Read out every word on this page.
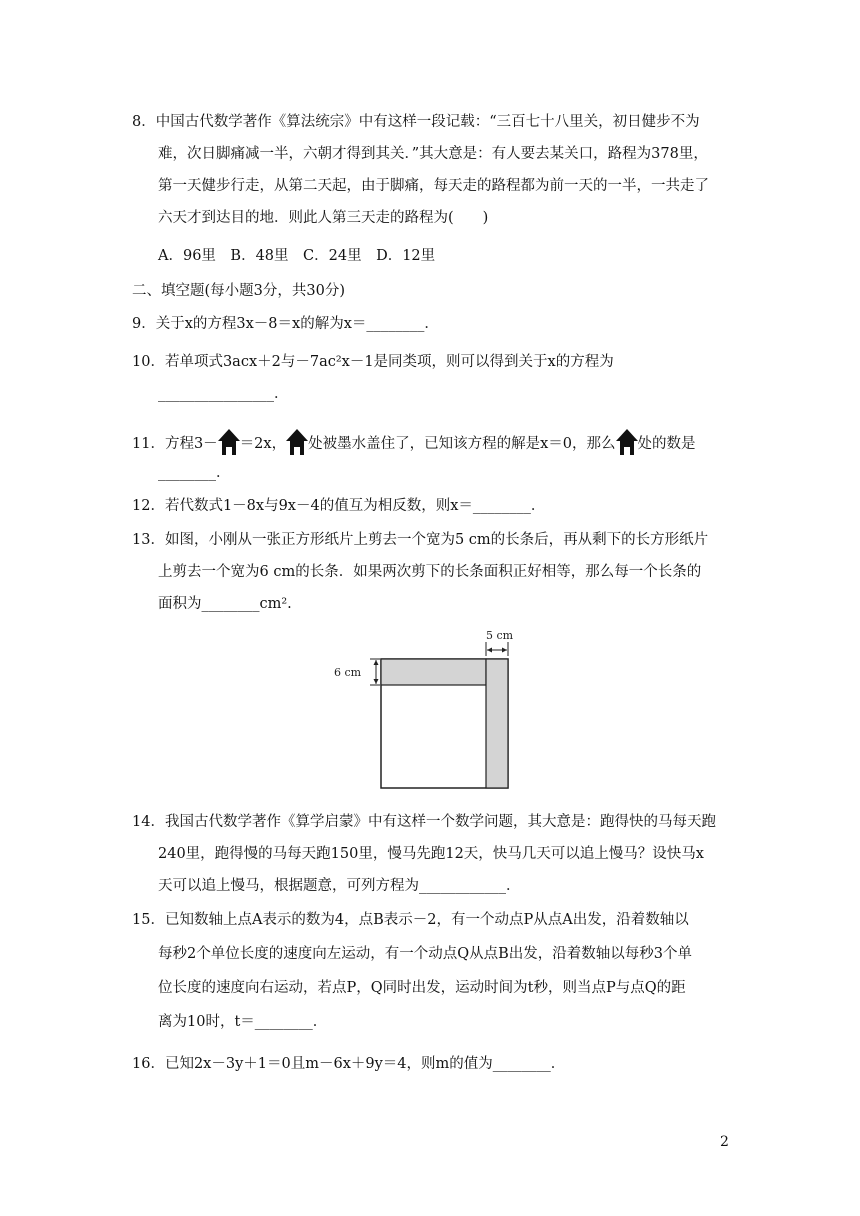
8．中国古代数学著作《算法统宗》中有这样一段记载：“三百七十八里关，初日健步不为
难，次日脚痛减一半，六朝才得到其关．”其大意是：有人要去某关口，路程为378里，
第一天健步行走，从第二天起，由于脚痛，每天走的路程都为前一天的一半，一共走了
六天才到达目的地．则此人第三天走的路程为(　　)
A．96里　B．48里　C．24里　D．12里
二、填空题(每小题3分，共30分)
9．关于x的方程3x－8＝x的解为x＝________．
10．若单项式3acx＋2与－7ac²x－1是同类项，则可以得到关于x的方程为
________________．
11．方程3－ ＝2x， 处被墨水盖住了，已知该方程的解是x＝0，那么 处的数是
________．
12．若代数式1－8x与9x－4的值互为相反数，则x＝________．
13．如图，小刚从一张正方形纸片上剪去一个宽为5 cm的长条后，再从剩下的长方形纸片
上剪去一个宽为6 cm的长条．如果两次剪下的长条面积正好相等，那么每一个长条的
面积为________cm².
5 cm
6 cm
14．我国古代数学著作《算学启蒙》中有这样一个数学问题，其大意是：跑得快的马每天跑
240里，跑得慢的马每天跑150里，慢马先跑12天，快马几天可以追上慢马？设快马x
天可以追上慢马，根据题意，可列方程为____________．
15．已知数轴上点A表示的数为4，点B表示－2，有一个动点P从点A出发，沿着数轴以
每秒2个单位长度的速度向左运动，有一个动点Q从点B出发，沿着数轴以每秒3个单
位长度的速度向右运动，若点P，Q同时出发，运动时间为t秒，则当点P与点Q的距
离为10时，t＝________．
16．已知2x－3y＋1＝0且m－6x＋9y＝4，则m的值为________．
2
